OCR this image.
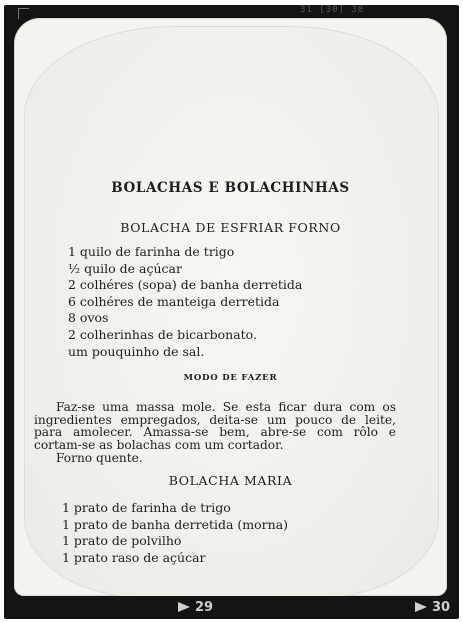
31 [30] 30
BOLACHAS E BOLACHINHAS
BOLACHA DE ESFRIAR FORNO
1 quilo de farinha de trigo
½ quilo de açúcar
2 colhéres (sopa) de banha derretida
6 colhéres de manteiga derretida
8 ovos
2 colherinhas de bicarbonato.
um pouquinho de sal.
MODO DE FAZER

Faz-se uma massa mole. Se esta ficar dura com os ingredientes empregados, deita-se um pouco de leite, para amolecer. Amassa-se bem, abre-se com rôlo e cortam-se as bolachas com um cortador.

Forno quente.
BOLACHA MARIA
1 prato de farinha de trigo
1 prato de banha derretida (morna)
1 prato de polvilho
1 prato raso de açúcar
29	30
